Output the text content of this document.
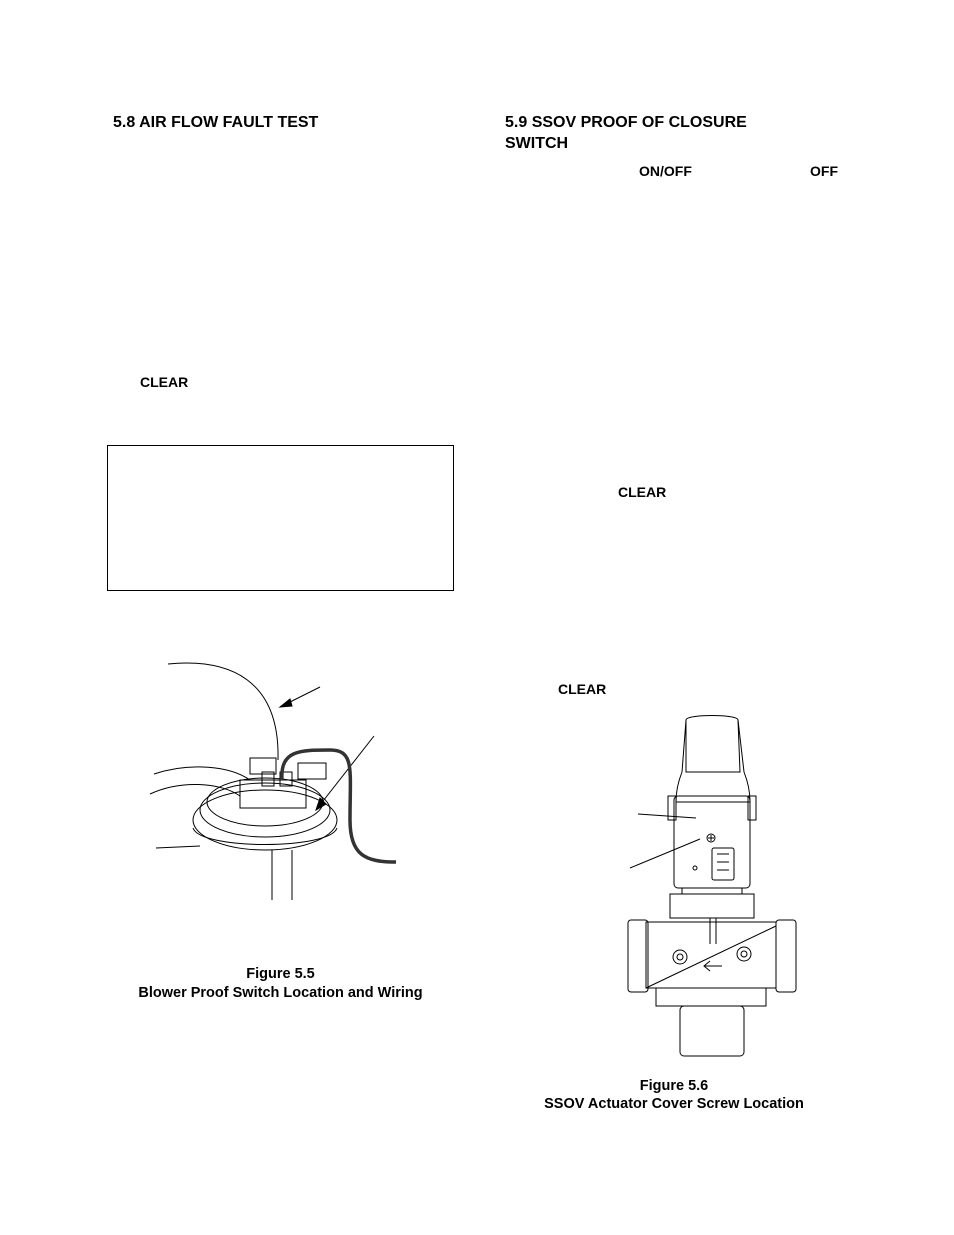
5.8 AIR FLOW FAULT TEST
CLEAR
Figure 5.5
Blower Proof Switch Location and Wiring
5.9 SSOV PROOF OF CLOSURE
SWITCH
ON/OFF	OFF
CLEAR
CLEAR
Figure 5.6
SSOV Actuator Cover Screw Location
